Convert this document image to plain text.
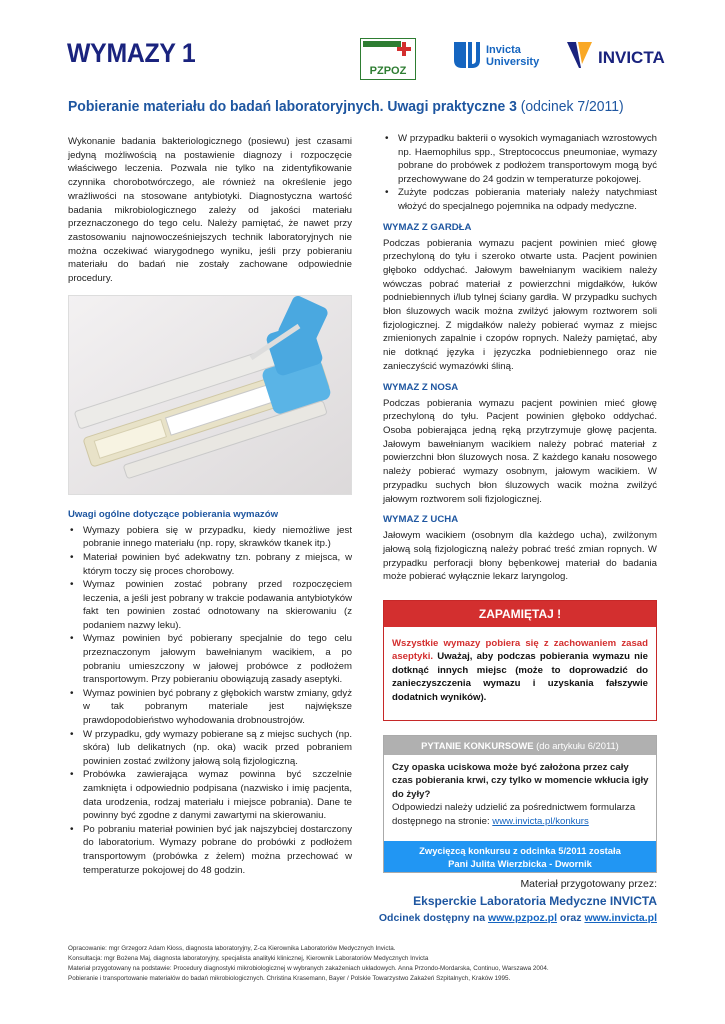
WYMAZY 1
PZPOZ
Invicta
University	INVICTA
Pobieranie materiału do badań laboratoryjnych. Uwagi praktyczne 3 (odcinek 7/2011)

Wykonanie badania bakteriologicznego (posiewu) jest czasami jedyną możliwością na postawienie diagnozy i rozpoczęcie właściwego leczenia. Pozwala nie tylko na zidentyfikowanie czynnika chorobotwórczego, ale również na określenie jego wrażliwości na stosowane antybiotyki. Diagnostyczna wartość badania mikrobiologicznego zależy od jakości materiału przeznaczonego do tego celu. Należy pamiętać, że nawet przy zastosowaniu najnowocześniejszych technik laboratoryjnych nie można oczekiwać wiarygodnego wyniku, jeśli przy pobieraniu materiału do badań nie zostały zachowane odpowiednie procedury.

Uwagi ogólne dotyczące pobierania wymazów
• Wymazy pobiera się w przypadku, kiedy niemożliwe jest pobranie innego materiału (np. ropy, skrawków tkanek itp.)
• Materiał powinien być adekwatny tzn. pobrany z miejsca, w którym toczy się proces chorobowy.
• Wymaz powinien zostać pobrany przed rozpoczęciem leczenia, a jeśli jest pobrany w trakcie podawania antybiotyków fakt ten powinien zostać odnotowany na skierowaniu (z podaniem nazwy leku).
• Wymaz powinien być pobierany specjalnie do tego celu przeznaczonym jałowym bawełnianym wacikiem, a po pobraniu umieszczony w jałowej probówce z podłożem transportowym. Przy pobieraniu obowiązują zasady aseptyki.
• Wymaz powinien być pobrany z głębokich warstw zmiany, gdyż w tak pobranym materiale jest największe prawdopodobieństwo wyhodowania drobnoustrojów.
• W przypadku, gdy wymazy pobierane są z miejsc suchych (np. skóra) lub delikatnych (np. oka) wacik przed pobraniem powinien zostać zwilżony jałową solą fizjologiczną.
• Probówka zawierająca wymaz powinna być szczelnie zamknięta i odpowiednio podpisana (nazwisko i imię pacjenta, data urodzenia, rodzaj materiału i miejsce pobrania). Dane te powinny być zgodne z danymi zawartymi na skierowaniu.
• Po pobraniu materiał powinien być jak najszybciej dostarczony do laboratorium. Wymazy pobrane do probówki z podłożem transportowym (probówka z żelem) można przechować w temperaturze pokojowej do 48 godzin.
• W przypadku bakterii o wysokich wymaganiach wzrostowych np. Haemophilus spp., Streptococcus pneumoniae, wymazy pobrane do probówek z podłożem transportowym mogą być przechowywane do 24 godzin w temperaturze pokojowej.
• Zużyte podczas pobierania materiały należy natychmiast włożyć do specjalnego pojemnika na odpady medyczne.
WYMAZ Z GARDŁA

Podczas pobierania wymazu pacjent powinien mieć głowę przechyloną do tyłu i szeroko otwarte usta. Pacjent powinien głęboko oddychać. Jałowym bawełnianym wacikiem należy wówczas pobrać materiał z powierzchni migdałków, łuków podniebiennych i/lub tylnej ściany gardła. W przypadku suchych błon śluzowych wacik można zwilżyć jałowym roztworem soli fizjologicznej. Z migdałków należy pobierać wymaz z miejsc zmienionych zapalnie i czopów ropnych. Należy pamiętać, aby nie dotknąć języka i języczka podniebiennego oraz nie zanieczyścić wymazówki śliną.

WYMAZ Z NOSA

Podczas pobierania wymazu pacjent powinien mieć głowę przechyloną do tyłu. Pacjent powinien głęboko oddychać. Osoba pobierająca jedną ręką przytrzymuje głowę pacjenta. Jałowym bawełnianym wacikiem należy pobrać materiał z powierzchni błon śluzowych nosa. Z każdego kanału nosowego należy pobierać wymazy osobnym, jałowym wacikiem. W przypadku suchych błon śluzowych wacik można zwilżyć jałowym roztworem soli fizjologicznej.

WYMAZ Z UCHA

Jałowym wacikiem (osobnym dla każdego ucha), zwilżonym jałową solą fizjologiczną należy pobrać treść zmian ropnych. W przypadku perforacji błony bębenkowej materiał do badania może pobierać wyłącznie lekarz laryngolog.

ZAPAMIĘTAJ !
Wszystkie wymazy pobiera się z zachowaniem zasad aseptyki. Uważaj, aby podczas pobierania wymazu nie dotknąć innych miejsc (może to doprowadzić do zanieczyszczenia wymazu i uzyskania fałszywie dodatnich wyników).
PYTANIE KONKURSOWE (do artykułu 6/2011)
Czy opaska uciskowa może być założona przez cały czas pobierania krwi, czy tylko w momencie wkłucia igły do żyły?
Odpowiedzi należy udzielić za pośrednictwem formularza dostępnego na stronie: www.invicta.pl/konkurs
Zwycięzcą konkursu z odcinka 5/2011 została
Pani Julita Wierzbicka - Dwornik
Materiał przygotowany przez:
Eksperckie Laboratoria Medyczne INVICTA
Odcinek dostępny na www.pzpoz.pl oraz www.invicta.pl
Opracowanie: mgr Grzegorz Adam Kłoss, diagnosta laboratoryjny, Z-ca Kierownika Laboratoriów Medycznych Invicta.
Konsultacja: mgr Bożena Maj, diagnosta laboratoryjny, specjalista analityki klinicznej, Kierownik Laboratoriów Medycznych Invicta
Materiał przygotowany na podstawie: Procedury diagnostyki mikrobiologicznej w wybranych zakażeniach układowych. Anna Przondo-Mordarska, Continuo, Warszawa 2004.
Pobieranie i transportowanie materiałów do badań mikrobiologicznych. Christina Krasemann, Bayer / Polskie Towarzystwo Zakażeń Szpitalnych, Kraków 1995.
